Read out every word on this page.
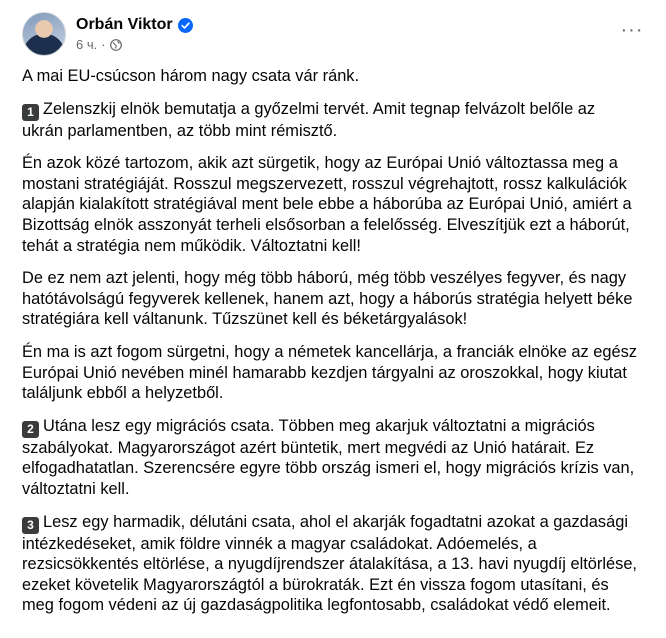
Orbán Viktor
6 ч. ·
···

A mai EU-csúcson három nagy csata vár ránk.

1 Zelenszkij elnök bemutatja a győzelmi tervét. Amit tegnap felvázolt belőle az
ukrán parlamentben, az több mint rémisztő.

Én azok közé tartozom, akik azt sürgetik, hogy az Európai Unió változtassa meg a
mostani stratégiáját. Rosszul megszervezett, rosszul végrehajtott, rossz kalkulációk
alapján kialakított stratégiával ment bele ebbe a háborúba az Európai Unió, amiért a
Bizottság elnök asszonyát terheli elsősorban a felelősség. Elveszítjük ezt a háborút,
tehát a stratégia nem működik. Változtatni kell!

De ez nem azt jelenti, hogy még több háború, még több veszélyes fegyver, és nagy
hatótávolságú fegyverek kellenek, hanem azt, hogy a háborús stratégia helyett béke
stratégiára kell váltanunk. Tűzszünet kell és béketárgyalások!

Én ma is azt fogom sürgetni, hogy a németek kancellárja, a franciák elnöke az egész
Európai Unió nevében minél hamarabb kezdjen tárgyalni az oroszokkal, hogy kiutat
találjunk ebből a helyzetből.

2 Utána lesz egy migrációs csata. Többen meg akarjuk változtatni a migrációs
szabályokat. Magyarországot azért büntetik, mert megvédi az Unió határait. Ez
elfogadhatatlan. Szerencsére egyre több ország ismeri el, hogy migrációs krízis van,
változtatni kell.

3 Lesz egy harmadik, délutáni csata, ahol el akarják fogadtatni azokat a gazdasági
intézkedéseket, amik földre vinnék a magyar családokat. Adóemelés, a
rezsicsökkentés eltörlése, a nyugdíjrendszer átalakítása, a 13. havi nyugdíj eltörlése,
ezeket követelik Magyarországtól a bürokraták. Ezt én vissza fogom utasítani, és
meg fogom védeni az új gazdaságpolitika legfontosabb, családokat védő elemeit.
